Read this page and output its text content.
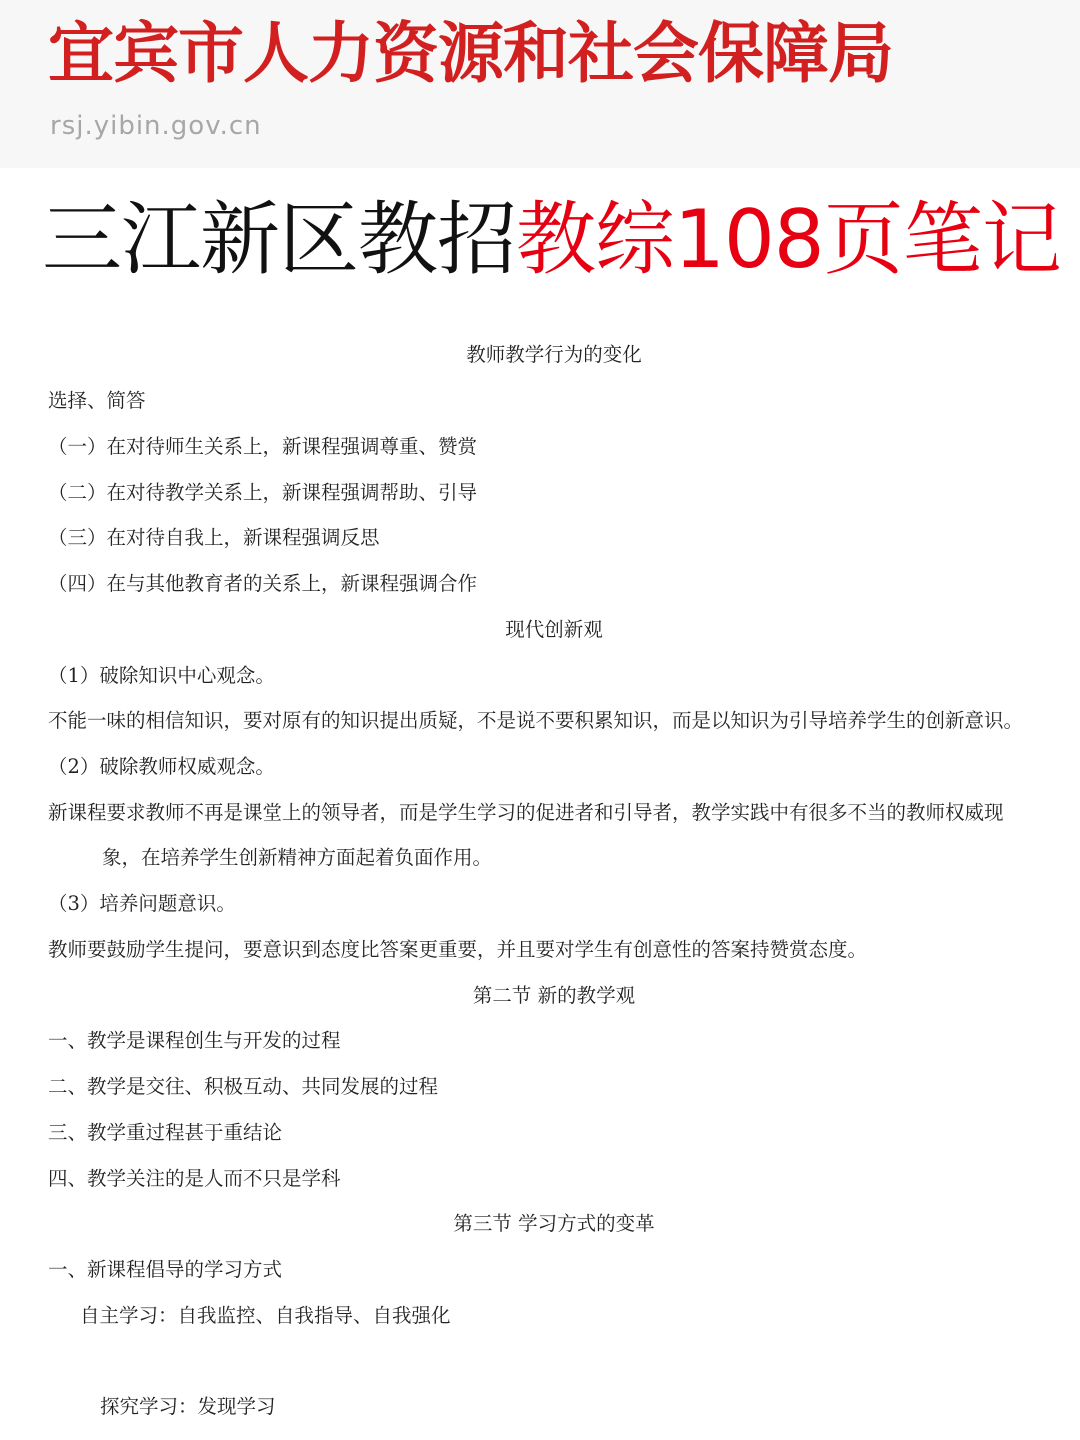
宜宾市人力资源和社会保障局
rsj.yibin.gov.cn
三江新区教招教综108页笔记
教师教学行为的变化
选择、简答
（一）在对待师生关系上，新课程强调尊重、赞赏
（二）在对待教学关系上，新课程强调帮助、引导
（三）在对待自我上，新课程强调反思
（四）在与其他教育者的关系上，新课程强调合作
现代创新观
（1）破除知识中心观念。
不能一味的相信知识，要对原有的知识提出质疑，不是说不要积累知识，而是以知识为引导培养学生的创新意识。
（2）破除教师权威观念。
新课程要求教师不再是课堂上的领导者，而是学生学习的促进者和引导者，教学实践中有很多不当的教师权威现
象，在培养学生创新精神方面起着负面作用。
（3）培养问题意识。
教师要鼓励学生提问，要意识到态度比答案更重要，并且要对学生有创意性的答案持赞赏态度。
第二节 新的教学观
一、教学是课程创生与开发的过程
二、教学是交往、积极互动、共同发展的过程
三、教学重过程甚于重结论
四、教学关注的是人而不只是学科
第三节 学习方式的变革
一、新课程倡导的学习方式
自主学习：自我监控、自我指导、自我强化
探究学习：发现学习
